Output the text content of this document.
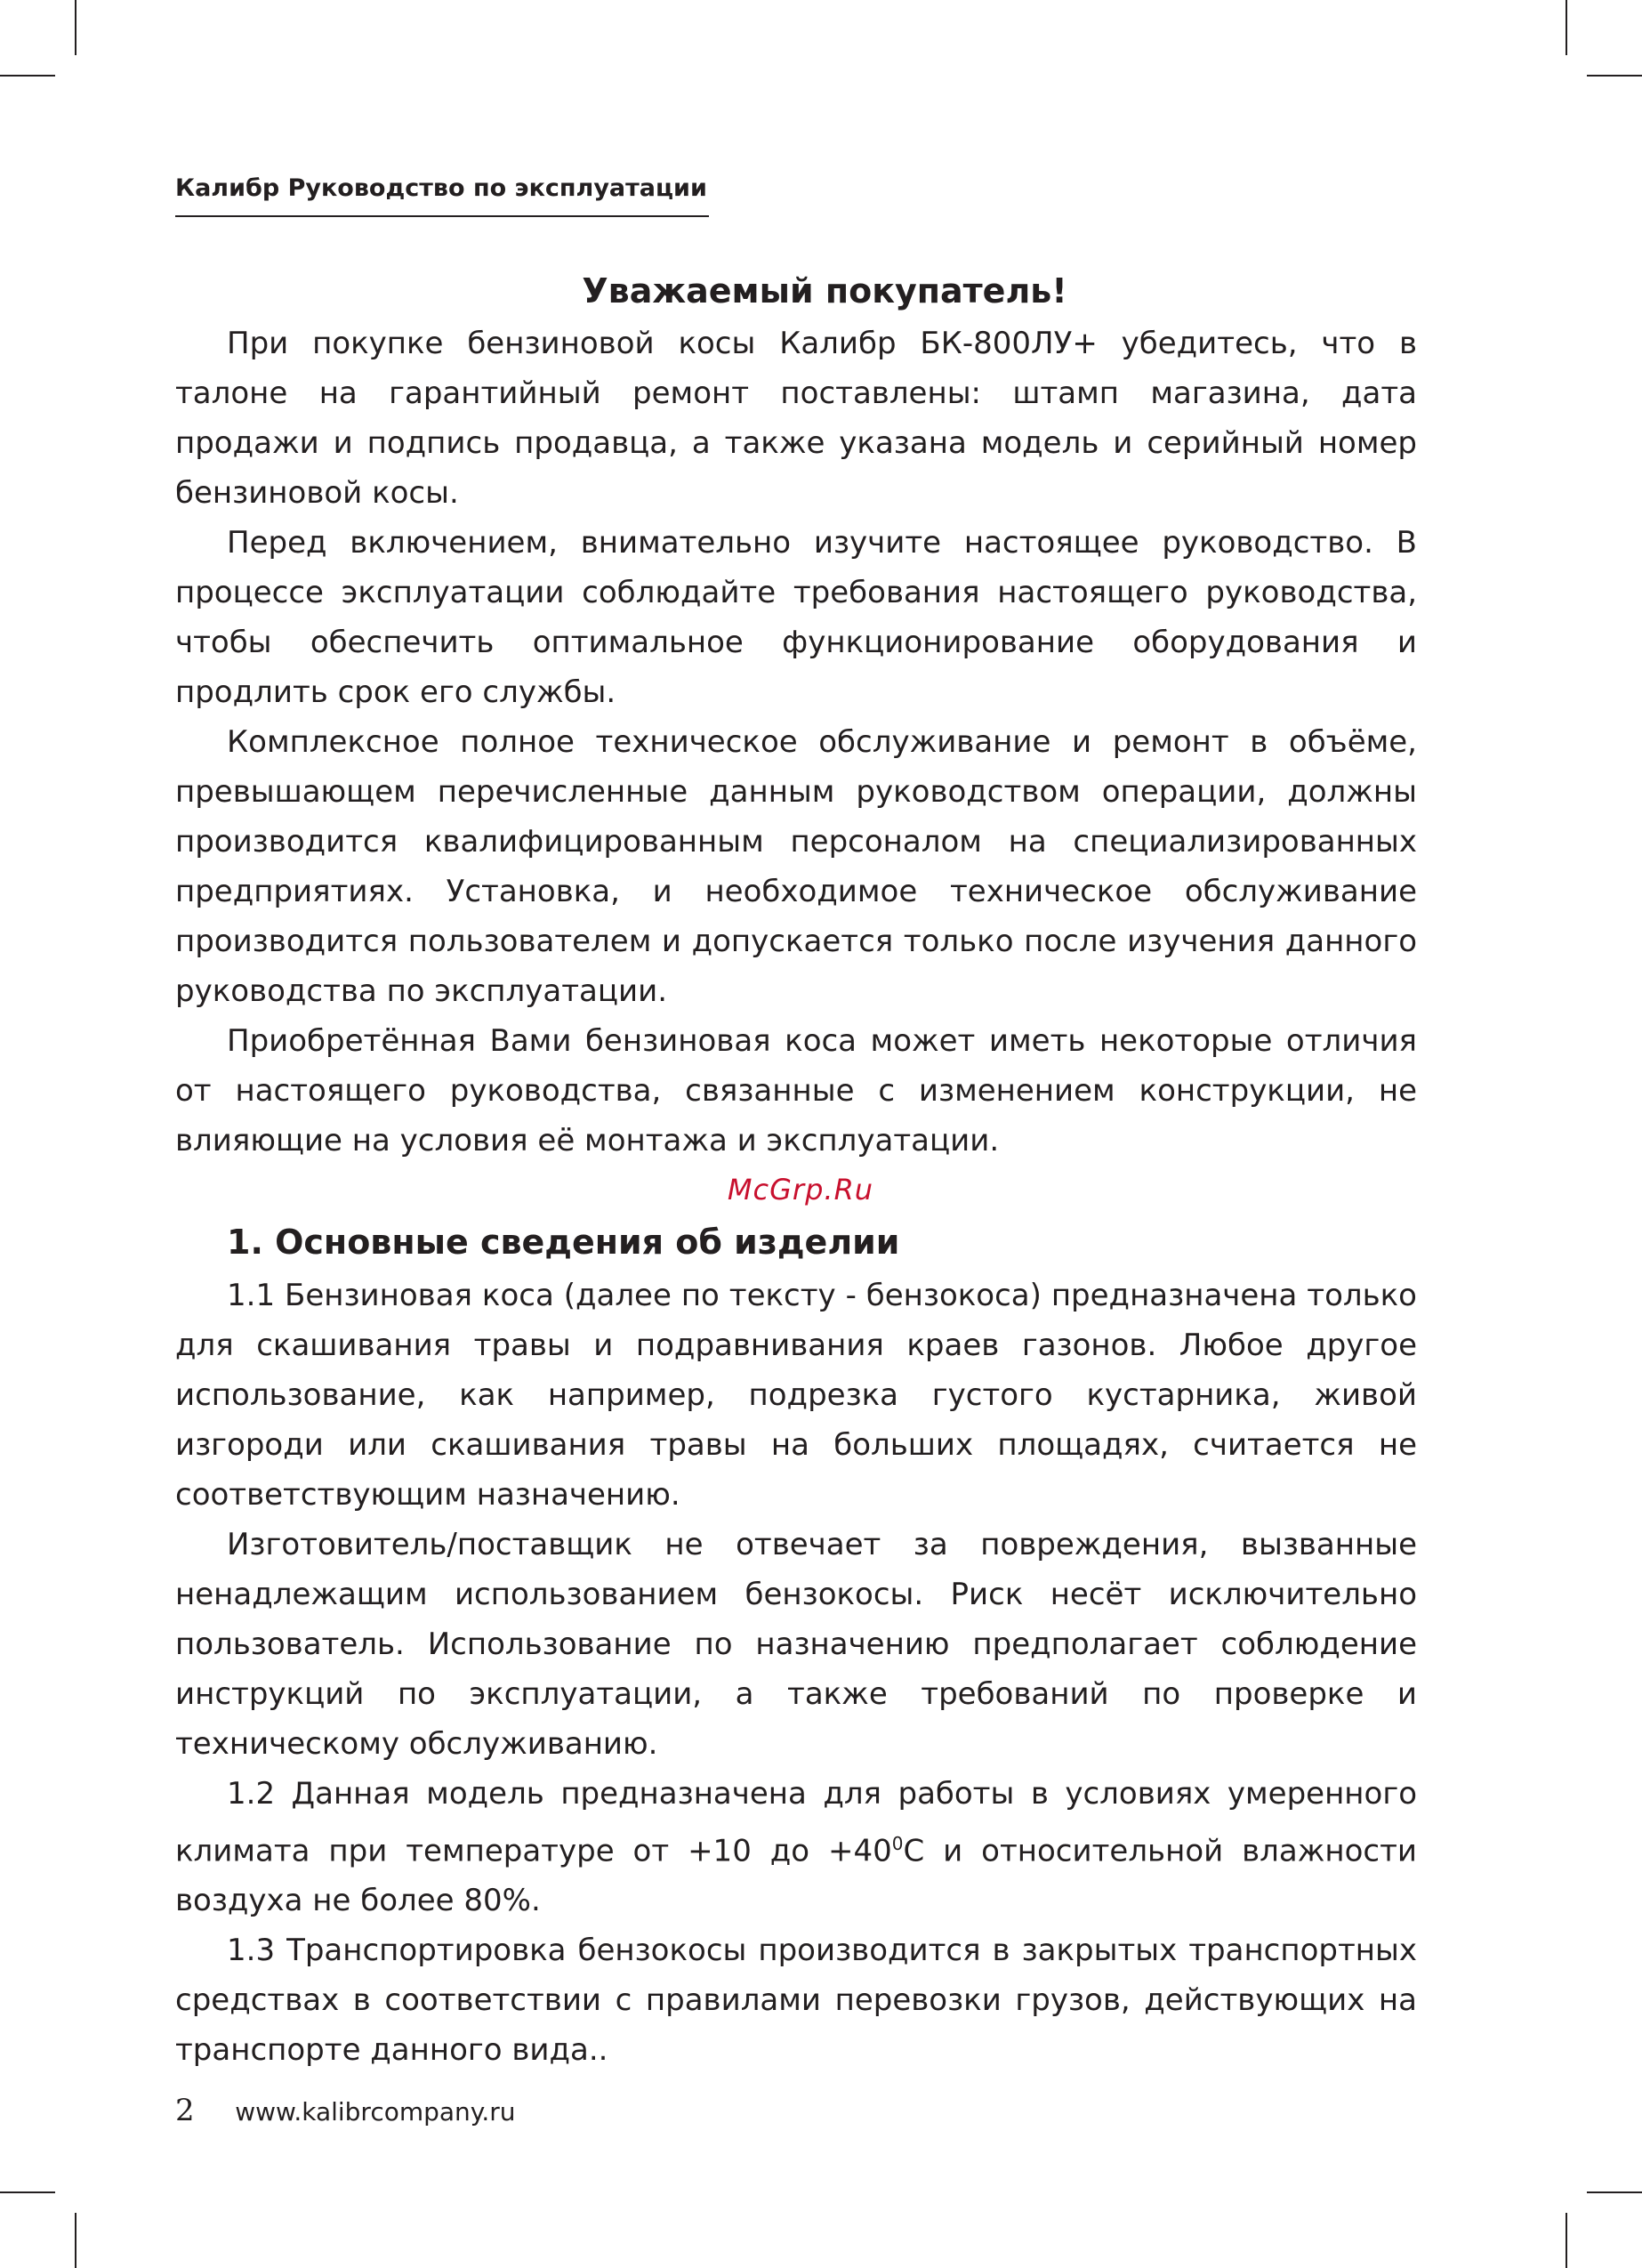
Калибр Руководство по эксплуатации
Уважаемый покупатель!

При покупке бензиновой косы Калибр БК-800ЛУ+ убедитесь, что в талоне на гарантийный ремонт поставлены: штамп магазина, дата продажи и подпись продавца, а также указана модель и серийный номер бензиновой косы.

Перед включением, внимательно изучите настоящее руководство. В процессе эксплуатации соблюдайте требования настоящего руководства, чтобы обеспечить оптимальное функционирование оборудования и продлить срок его службы.

Комплексное полное техническое обслуживание и ремонт в объёме, превышающем перечисленные данным руководством операции, должны производится квалифицированным персоналом на специализированных предприятиях. Установка, и необходимое техническое обслуживание производится пользователем и допускается только после изучения данного руководства по эксплуатации.

Приобретённая Вами бензиновая коса может иметь некоторые отличия от настоящего руководства, связанные с изменением конструкции, не влияющие на условия её монтажа и эксплуатации.

McGrp.Ru
1. Основные сведения об изделии

1.1 Бензиновая коса (далее по тексту - бензокоса) предназначена только для скашивания травы и подравнивания краев газонов. Любое другое использование, как например, подрезка густого кустарника, живой изгороди или скашивания травы на больших площадях, считается не соответствующим назначению.

Изготовитель/поставщик не отвечает за повреждения, вызванные ненадлежащим использованием бензокосы. Риск несёт исключительно пользователь. Использование по назначению предполагает соблюдение инструкций по эксплуатации, а также требований по проверке и техническому обслуживанию.

1.2 Данная модель предназначена для работы в условиях умеренного климата при температуре от +10 до $+40^0С$ и относительной влажности воздуха не более 80%.

1.3 Транспортировка бензокосы производится в закрытых транспортных средствах в соответствии с правилами перевозки грузов, действующих на транспорте данного вида..

2 www.kalibrcompany.ru
